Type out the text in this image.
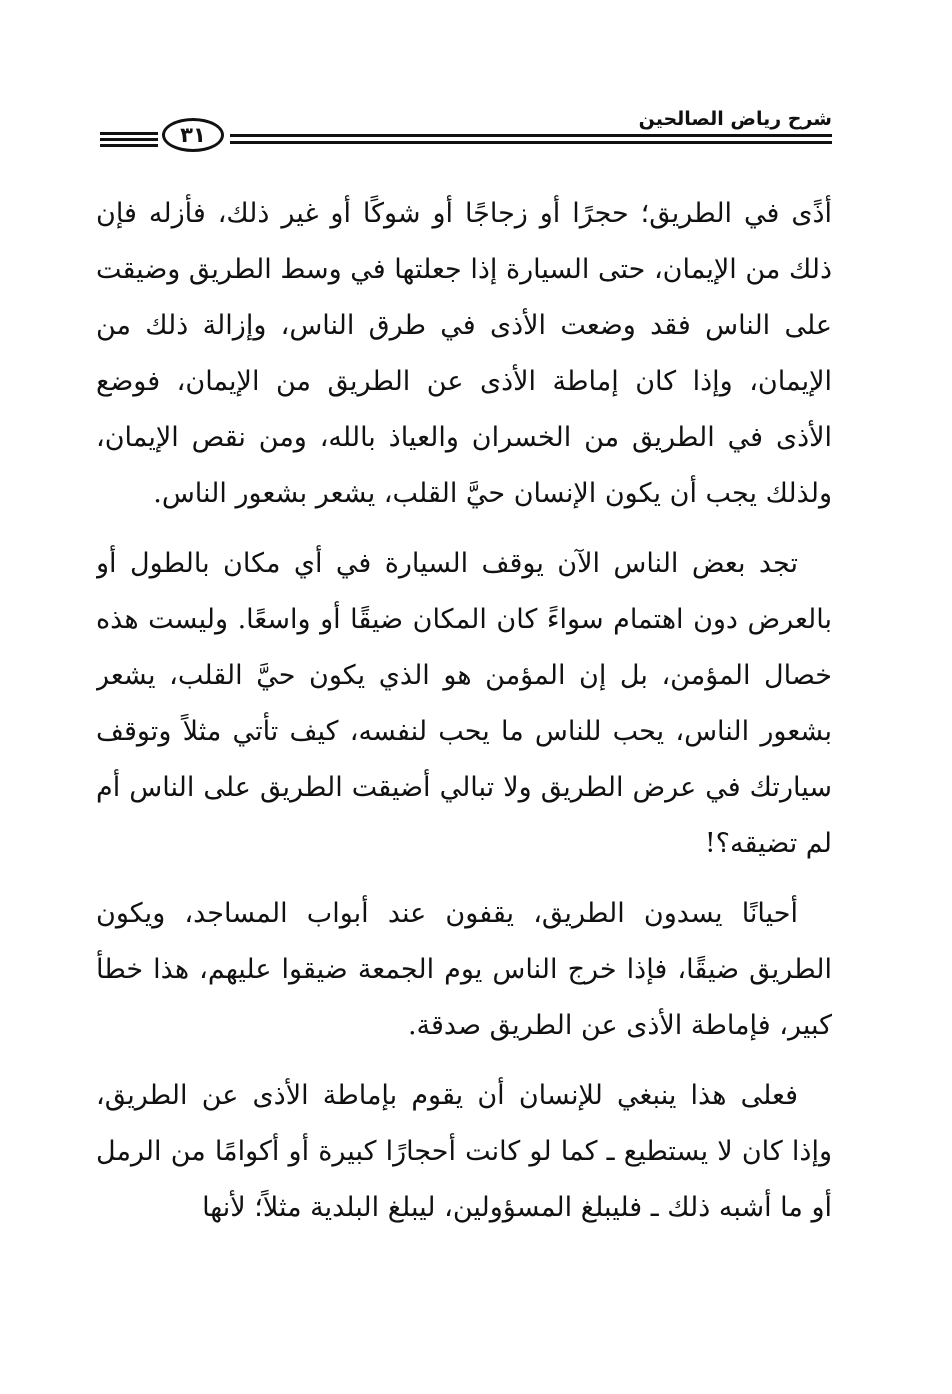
شرح رياض الصالحين
٣١
أذًى في الطريق؛ حجرًا أو زجاجًا أو شوكًا أو غير ذلك، فأزله فإن
ذلك من الإيمان، حتى السيارة إذا جعلتها في وسط الطريق وضيقت
على الناس فقد وضعت الأذى في طرق الناس، وإزالة ذلك من
الإيمان، وإذا كان إماطة الأذى عن الطريق من الإيمان، فوضع
الأذى في الطريق من الخسران والعياذ بالله، ومن نقص الإيمان،
ولذلك يجب أن يكون الإنسان حيَّ القلب، يشعر بشعور الناس.
تجد بعض الناس الآن يوقف السيارة في أي مكان بالطول أو
بالعرض دون اهتمام سواءً كان المكان ضيقًا أو واسعًا. وليست هذه
خصال المؤمن، بل إن المؤمن هو الذي يكون حيَّ القلب، يشعر
بشعور الناس، يحب للناس ما يحب لنفسه، كيف تأتي مثلاً وتوقف
سيارتك في عرض الطريق ولا تبالي أضيقت الطريق على الناس أم
لم تضيقه؟!
أحيانًا يسدون الطريق، يقفون عند أبواب المساجد، ويكون
الطريق ضيقًا، فإذا خرج الناس يوم الجمعة ضيقوا عليهم، هذا خطأ
كبير، فإماطة الأذى عن الطريق صدقة.
فعلى هذا ينبغي للإنسان أن يقوم بإماطة الأذى عن الطريق،
وإذا كان لا يستطيع ـ كما لو كانت أحجارًا كبيرة أو أكوامًا من الرمل
أو ما أشبه ذلك ـ فليبلغ المسؤولين، ليبلغ البلدية مثلاً؛ لأنها
